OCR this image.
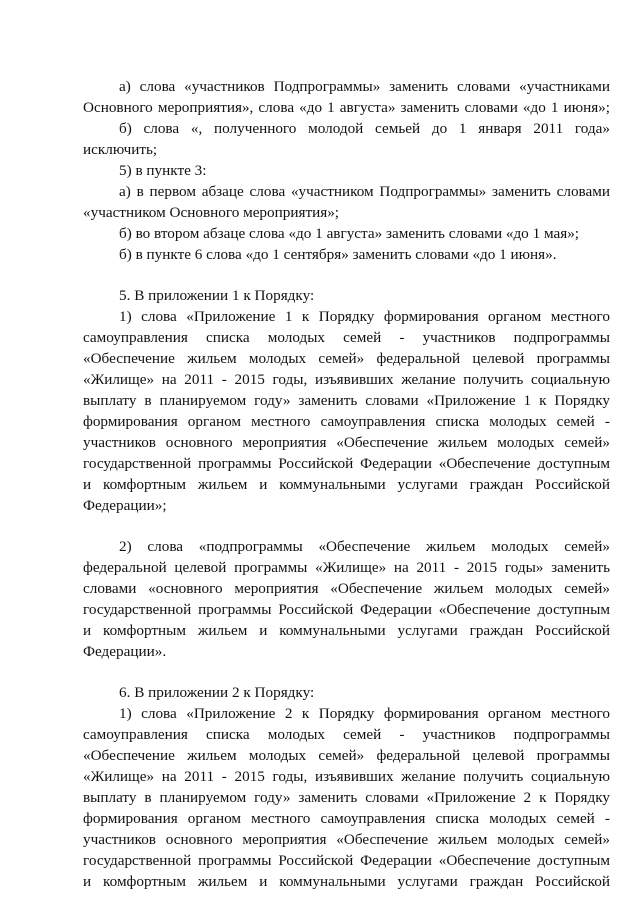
а) слова «участников Подпрограммы» заменить словами «участниками

Основного мероприятия», слова «до 1 августа» заменить словами «до 1 июня»;

б) слова «, полученного молодой семьей до 1 января 2011 года»

исключить;

5) в пункте 3:

а) в первом абзаце слова «участником Подпрограммы» заменить словами

«участником Основного мероприятия»;

б) во втором абзаце слова «до 1 августа» заменить словами «до 1 мая»;

б) в пункте 6 слова «до 1 сентября» заменить словами «до 1 июня».

5. В приложении 1 к Порядку:

1) слова «Приложение 1 к Порядку формирования органом местного

самоуправления списка молодых семей - участников подпрограммы

«Обеспечение жильем молодых семей» федеральной целевой программы

«Жилище» на 2011 - 2015 годы, изъявивших желание получить социальную

выплату в планируемом году» заменить словами «Приложение 1 к Порядку

формирования органом местного самоуправления списка молодых семей -

участников основного мероприятия «Обеспечение жильем молодых семей»

государственной программы Российской Федерации «Обеспечение доступным

и комфортным жильем и коммунальными услугами граждан Российской

Федерации»;

2) слова «подпрограммы «Обеспечение жильем молодых семей»

федеральной целевой программы «Жилище» на 2011 - 2015 годы» заменить

словами «основного мероприятия «Обеспечение жильем молодых семей»

государственной программы Российской Федерации «Обеспечение доступным

и комфортным жильем и коммунальными услугами граждан Российской

Федерации».

6. В приложении 2 к Порядку:

1) слова «Приложение 2 к Порядку формирования органом местного

самоуправления списка молодых семей - участников подпрограммы

«Обеспечение жильем молодых семей» федеральной целевой программы

«Жилище» на 2011 - 2015 годы, изъявивших желание получить социальную

выплату в планируемом году» заменить словами «Приложение 2 к Порядку

формирования органом местного самоуправления списка молодых семей -

участников основного мероприятия «Обеспечение жильем молодых семей»

государственной программы Российской Федерации «Обеспечение доступным

и комфортным жильем и коммунальными услугами граждан Российской
